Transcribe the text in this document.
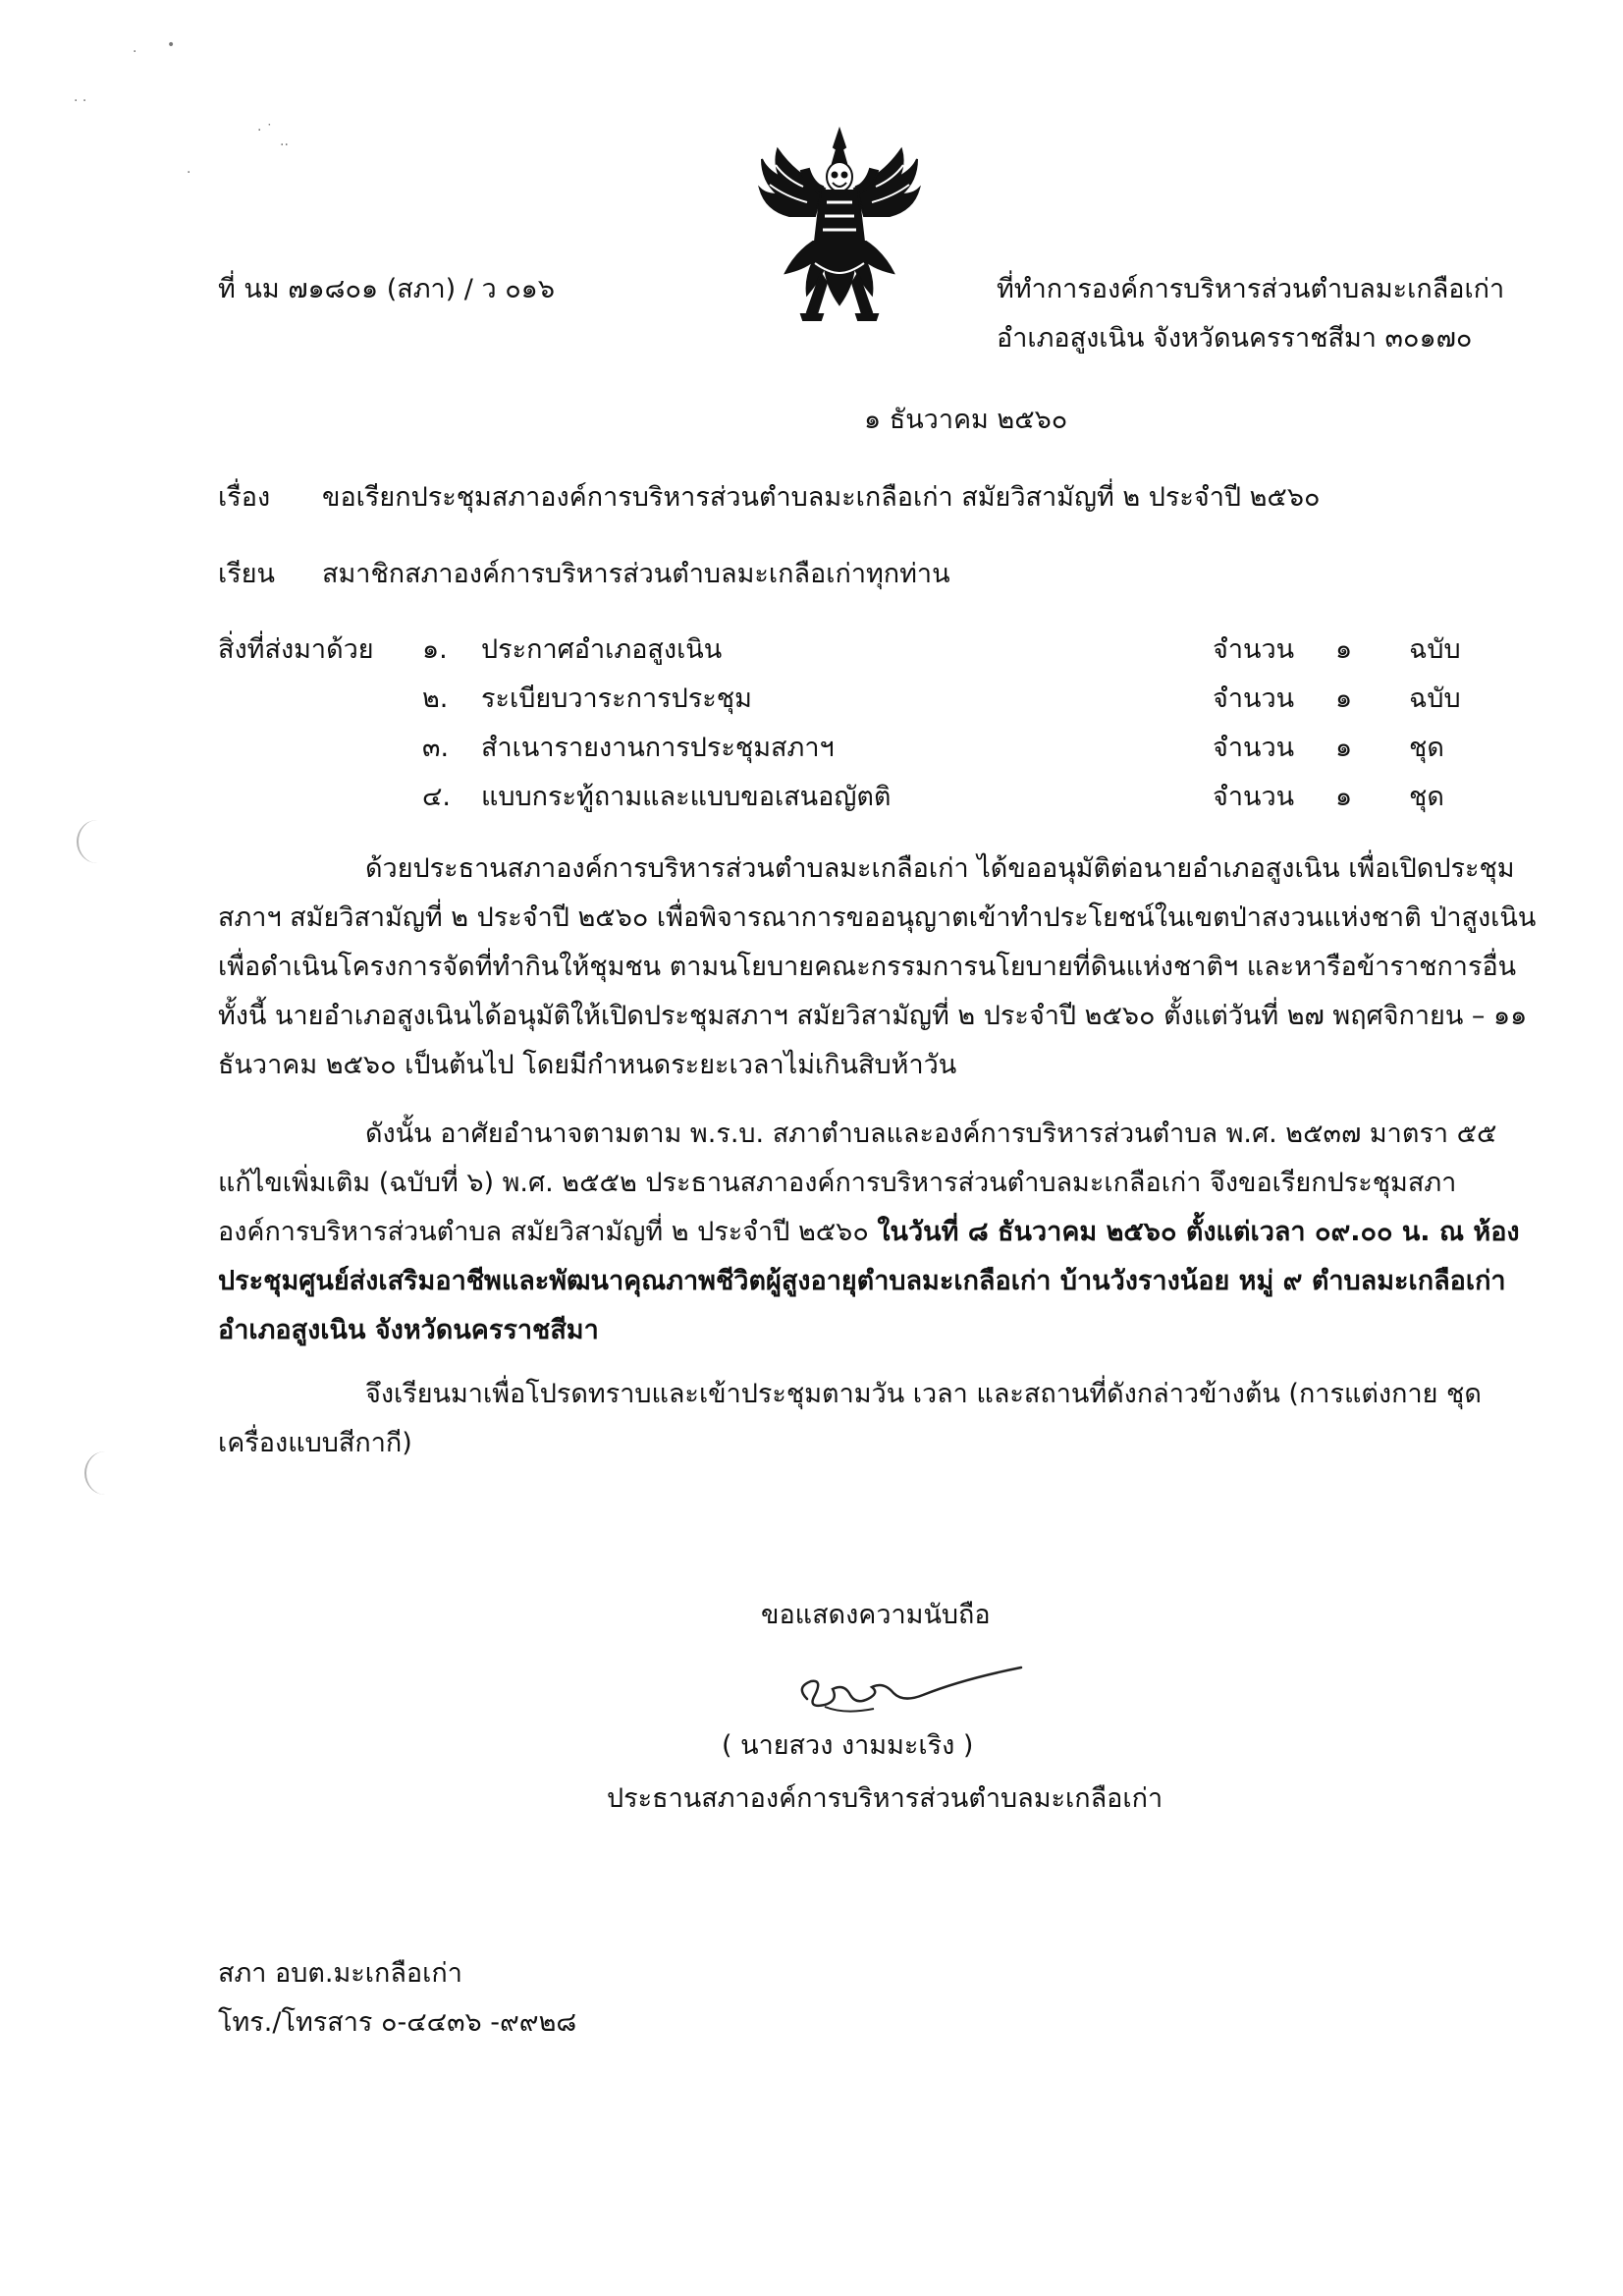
· •
· ·
· ˙
··
·
ที่ นม ๗๑๘๐๑ (สภา) / ว ๐๑๖	ที่ทำการองค์การบริหารส่วนตำบลมะเกลือเก่า
อำเภอสูงเนิน จังหวัดนครราชสีมา ๓๐๑๗๐
๑ ธันวาคม ๒๕๖๐
เรื่อง ขอเรียกประชุมสภาองค์การบริหารส่วนตำบลมะเกลือเก่า สมัยวิสามัญที่ ๒ ประจำปี ๒๕๖๐
เรียน สมาชิกสภาองค์การบริหารส่วนตำบลมะเกลือเก่าทุกท่าน
สิ่งที่ส่งมาด้วย ๑. ประกาศอำเภอสูงเนิน	จำนวน ๑ ฉบับ
๒. ระเบียบวาระการประชุม	จำนวน ๑ ฉบับ
๓. สำเนารายงานการประชุมสภาฯ	จำนวน ๑ ชุด
๔. แบบกระทู้ถามและแบบขอเสนอญัตติ	จำนวน ๑ ชุด
ด้วยประธานสภาองค์การบริหารส่วนตำบลมะเกลือเก่า ได้ขออนุมัติต่อนายอำเภอสูงเนิน เพื่อเปิดประชุมสภาฯ สมัยวิสามัญที่ ๒ ประจำปี ๒๕๖๐ เพื่อพิจารณาการขออนุญาตเข้าทำประโยชน์ในเขตป่าสงวนแห่งชาติ ป่าสูงเนิน เพื่อดำเนินโครงการจัดที่ทำกินให้ชุมชน ตามนโยบายคณะกรรมการนโยบายที่ดินแห่งชาติฯ และหารือข้าราชการอื่น ทั้งนี้ นายอำเภอสูงเนินได้อนุมัติให้เปิดประชุมสภาฯ สมัยวิสามัญที่ ๒ ประจำปี ๒๕๖๐ ตั้งแต่วันที่ ๒๗ พฤศจิกายน – ๑๑ ธันวาคม ๒๕๖๐ เป็นต้นไป โดยมีกำหนดระยะเวลาไม่เกินสิบห้าวัน
ดังนั้น อาศัยอำนาจตามตาม พ.ร.บ. สภาตำบลและองค์การบริหารส่วนตำบล พ.ศ. ๒๕๓๗ มาตรา ๕๕ แก้ไขเพิ่มเติม (ฉบับที่ ๖) พ.ศ. ๒๕๕๒ ประธานสภาองค์การบริหารส่วนตำบลมะเกลือเก่า จึงขอเรียกประชุมสภาองค์การบริหารส่วนตำบล สมัยวิสามัญที่ ๒ ประจำปี ๒๕๖๐ ในวันที่ ๘ ธันวาคม ๒๕๖๐ ตั้งแต่เวลา ๐๙.๐๐ น. ณ ห้องประชุมศูนย์ส่งเสริมอาชีพและพัฒนาคุณภาพชีวิตผู้สูงอายุตำบลมะเกลือเก่า บ้านวังรางน้อย หมู่ ๙ ตำบลมะเกลือเก่า อำเภอสูงเนิน จังหวัดนครราชสีมา
จึงเรียนมาเพื่อโปรดทราบและเข้าประชุมตามวัน เวลา และสถานที่ดังกล่าวข้างต้น (การแต่งกาย ชุดเครื่องแบบสีกากี)
ขอแสดงความนับถือ
( นายสวง งามมะเริง )
ประธานสภาองค์การบริหารส่วนตำบลมะเกลือเก่า
สภา อบต.มะเกลือเก่า
โทร./โทรสาร ๐-๔๔๓๖ -๙๙๒๘
